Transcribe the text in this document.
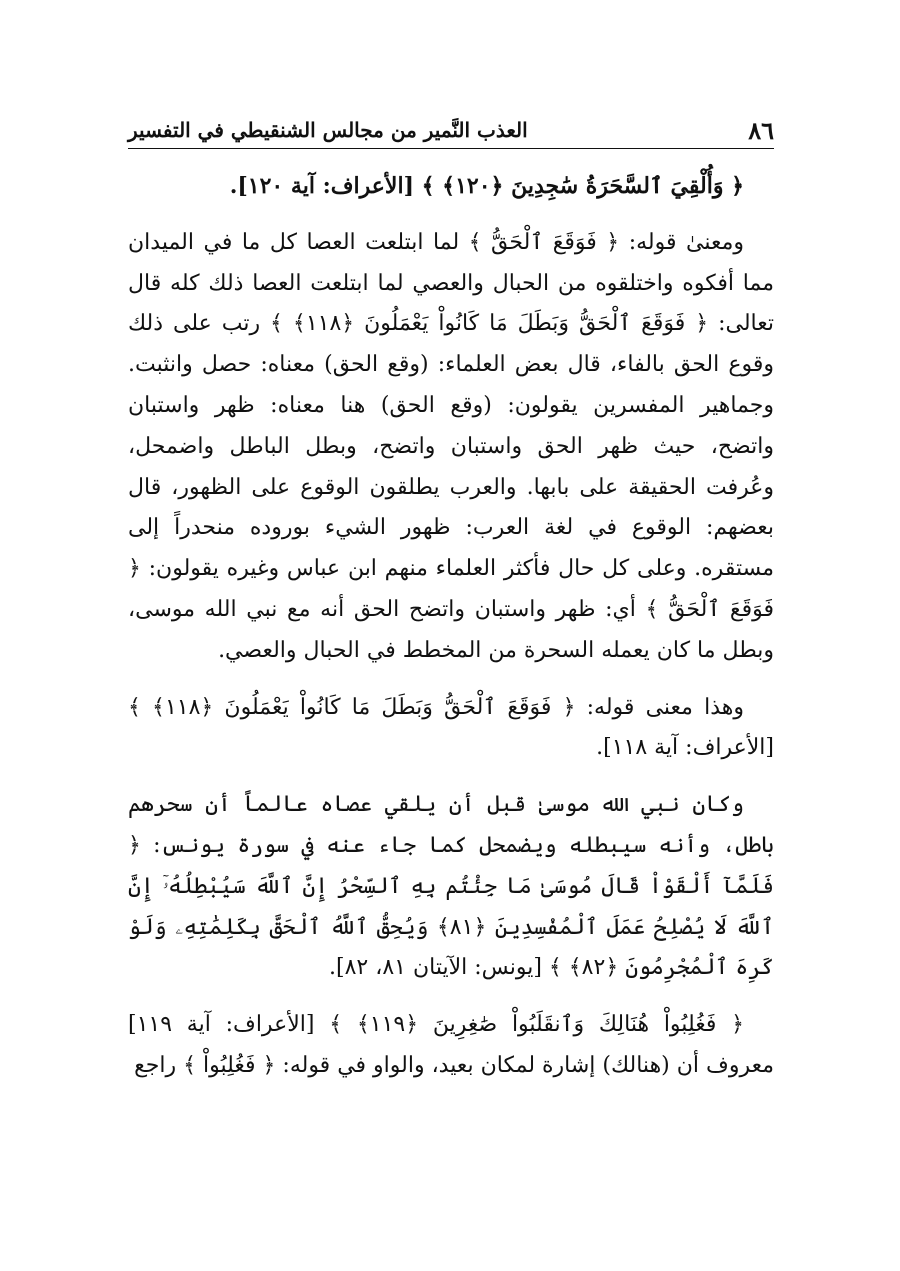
٨٦
العذب النَّمير من مجالس الشنقيطي في التفسير

﴿ وَأُلْقِيَ ٱلسَّحَرَةُ سَٰجِدِينَ ﴿١٢٠﴾ ﴾ [الأعراف: آية ١٢٠].

ومعنىٰ قوله: ﴿ فَوَقَعَ ٱلْحَقُّ ﴾ لما ابتلعت العصا كل ما في الميدان مما أفكوه واختلقوه من الحبال والعصي لما ابتلعت العصا ذلك كله قال تعالى: ﴿ فَوَقَعَ ٱلْحَقُّ وَبَطَلَ مَا كَانُواْ يَعْمَلُونَ ﴿١١٨﴾ ﴾ رتب على ذلك وقوع الحق بالفاء، قال بعض العلماء: (وقع الحق) معناه: حصل وانثبت. وجماهير المفسرين يقولون: (وقع الحق) هنا معناه: ظهر واستبان واتضح، حيث ظهر الحق واستبان واتضح، وبطل الباطل واضمحل، وعُرفت الحقيقة على بابها. والعرب يطلقون الوقوع على الظهور، قال بعضهم: الوقوع في لغة العرب: ظهور الشيء بوروده منحدراً إلى مستقره. وعلى كل حال فأكثر العلماء منهم ابن عباس وغيره يقولون: ﴿ فَوَقَعَ ٱلْحَقُّ ﴾ أي: ظهر واستبان واتضح الحق أنه مع نبي الله موسى، وبطل ما كان يعمله السحرة من المخطط في الحبال والعصي.

وهذا معنى قوله: ﴿ فَوَقَعَ ٱلْحَقُّ وَبَطَلَ مَا كَانُواْ يَعْمَلُونَ ﴿١١٨﴾ ﴾ [الأعراف: آية ١١٨].

وكان نبي الله موسىٰ قبل أن يلقي عصاه عالماً أن سحرهم باطل، وأنه سيبطله ويضمحل كما جاء عنه في سورة يونس: ﴿ فَلَمَّآ أَلْقَوْاْ قَالَ مُوسَىٰ مَا جِئْتُم بِهِ ٱلسِّحْرُ إِنَّ ٱللَّهَ سَيُبْطِلُهُۥٓ إِنَّ ٱللَّهَ لَا يُصْلِحُ عَمَلَ ٱلْمُفْسِدِينَ ﴿٨١﴾ وَيُحِقُّ ٱللَّهُ ٱلْحَقَّ بِكَلِمَٰتِهِۦ وَلَوْ كَرِهَ ٱلْمُجْرِمُونَ ﴿٨٢﴾ ﴾ [يونس: الآيتان ٨١، ٨٢].

﴿ فَغُلِبُواْ هُنَالِكَ وَٱنقَلَبُواْ صَٰغِرِينَ ﴿١١٩﴾ ﴾ [الأعراف: آية ١١٩] معروف أن (هنالك) إشارة لمكان بعيد، والواو في قوله: ﴿ فَغُلِبُواْ ﴾ راجع
